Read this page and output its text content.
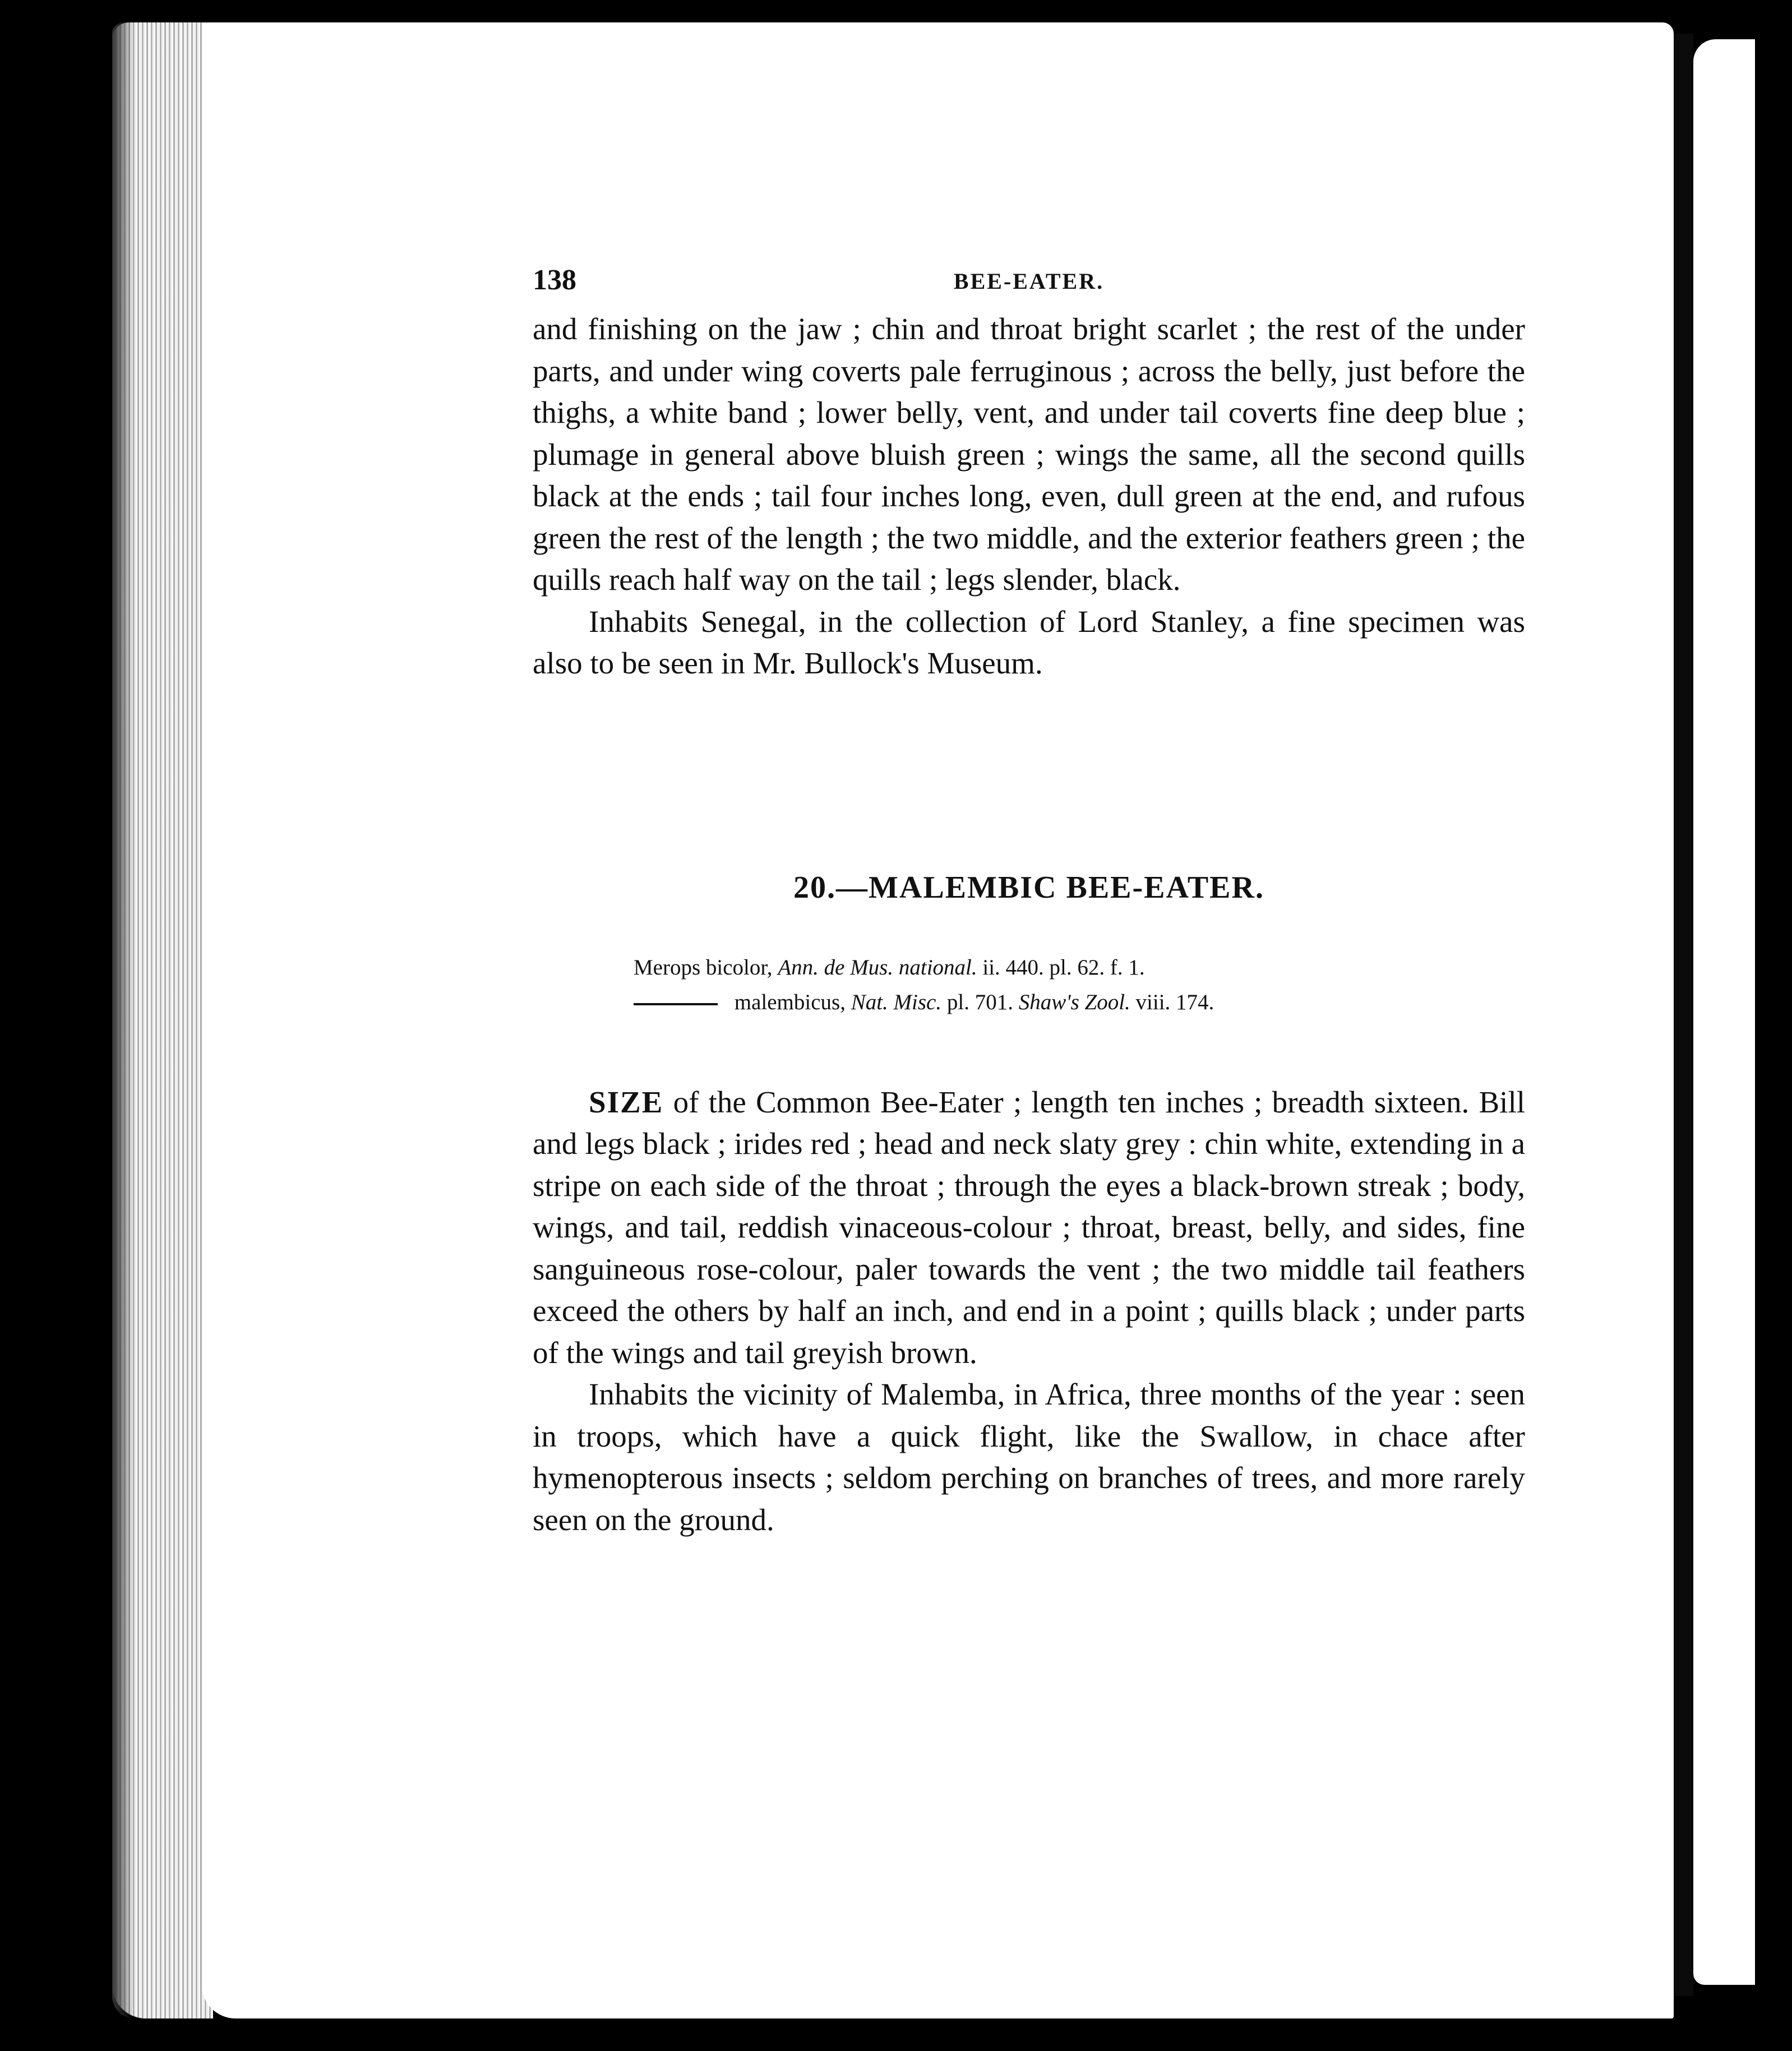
138	BEE-EATER.

and finishing on the jaw ; chin and throat bright scarlet ; the rest of the under parts, and under wing coverts pale ferruginous ; across the belly, just before the thighs, a white band ; lower belly, vent, and under tail coverts fine deep blue ; plumage in general above bluish green ; wings the same, all the second quills black at the ends ; tail four inches long, even, dull green at the end, and rufous green the rest of the length ; the two middle, and the exterior feathers green ; the quills reach half way on the tail ; legs slender, black.

Inhabits Senegal, in the collection of Lord Stanley, a fine specimen was also to be seen in Mr. Bullock's Museum.

20.—MALEMBIC BEE-EATER.
Merops bicolor, Ann. de Mus. national. ii. 440. pl. 62. f. 1.
malembicus, Nat. Misc. pl. 701. Shaw's Zool. viii. 174.

SIZE of the Common Bee-Eater ; length ten inches ; breadth sixteen. Bill and legs black ; irides red ; head and neck slaty grey : chin white, extending in a stripe on each side of the throat ; through the eyes a black-brown streak ; body, wings, and tail, reddish vinaceous-colour ; throat, breast, belly, and sides, fine sanguineous rose-colour, paler towards the vent ; the two middle tail feathers exceed the others by half an inch, and end in a point ; quills black ; under parts of the wings and tail greyish brown.

Inhabits the vicinity of Malemba, in Africa, three months of the year : seen in troops, which have a quick flight, like the Swallow, in chace after hymenopterous insects ; seldom perching on branches of trees, and more rarely seen on the ground.
